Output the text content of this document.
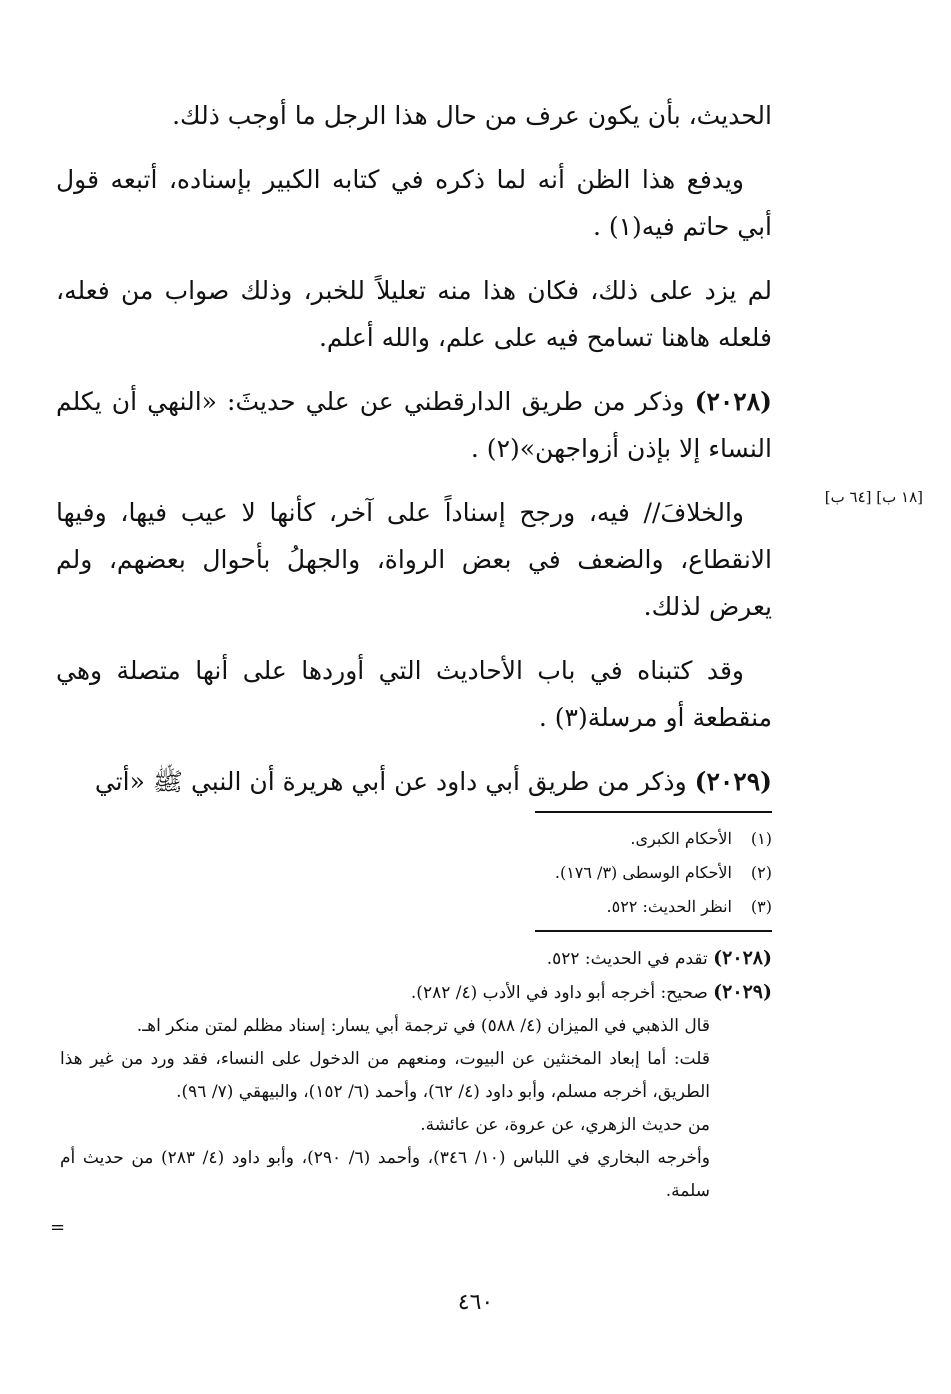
الحديث، بأن يكون عرف من حال هذا الرجل ما أوجب ذلك.

ويدفع هذا الظن أنه لما ذكره في كتابه الكبير بإسناده، أتبعه قول أبي حاتم فيه(١) .

لم يزد على ذلك، فكان هذا منه تعليلاً للخبر، وذلك صواب من فعله، فلعله هاهنا تسامح فيه على علم، والله أعلم.

(٢٠٢٨) وذكر من طريق الدارقطني عن علي حديثَ: «النهي أن يكلم النساء إلا بإذن أزواجهن»(٢) .

والخلافَ// فيه، ورجح إسناداً على آخر، كأنها لا عيب فيها، وفيها الانقطاع، والضعف في بعض الرواة، والجهلُ بأحوال بعضهم، ولم يعرض لذلك.

وقد كتبناه في باب الأحاديث التي أوردها على أنها متصلة وهي منقطعة أو مرسلة(٣) .

(٢٠٢٩) وذكر من طريق أبي داود عن أبي هريرة أن النبي ﷺ «أتي

[١٨ ب] [٦٤ ب]
(١)
الأحكام الكبرى.
(٢)
الأحكام الوسطى (٣/ ١٧٦).
(٣)
انظر الحديث: ٥٢٢.

(٢٠٢٨) تقدم في الحديث: ٥٢٢.

(٢٠٢٩) صحيح: أخرجه أبو داود في الأدب (٤/ ٢٨٢).

قال الذهبي في الميزان (٤/ ٥٨٨) في ترجمة أبي يسار: إسناد مظلم لمتن منكر اهـ.

قلت: أما إبعاد المخنثين عن البيوت، ومنعهم من الدخول على النساء، فقد ورد من غير هذا الطريق، أخرجه مسلم، وأبو داود (٤/ ٦٢)، وأحمد (٦/ ١٥٢)، والبيهقي (٧/ ٩٦).

من حديث الزهري، عن عروة، عن عائشة.

وأخرجه البخاري في اللباس (١٠/ ٣٤٦)، وأحمد (٦/ ٢٩٠)، وأبو داود (٤/ ٢٨٣) من حديث أم سلمة.

=
٤٦٠
